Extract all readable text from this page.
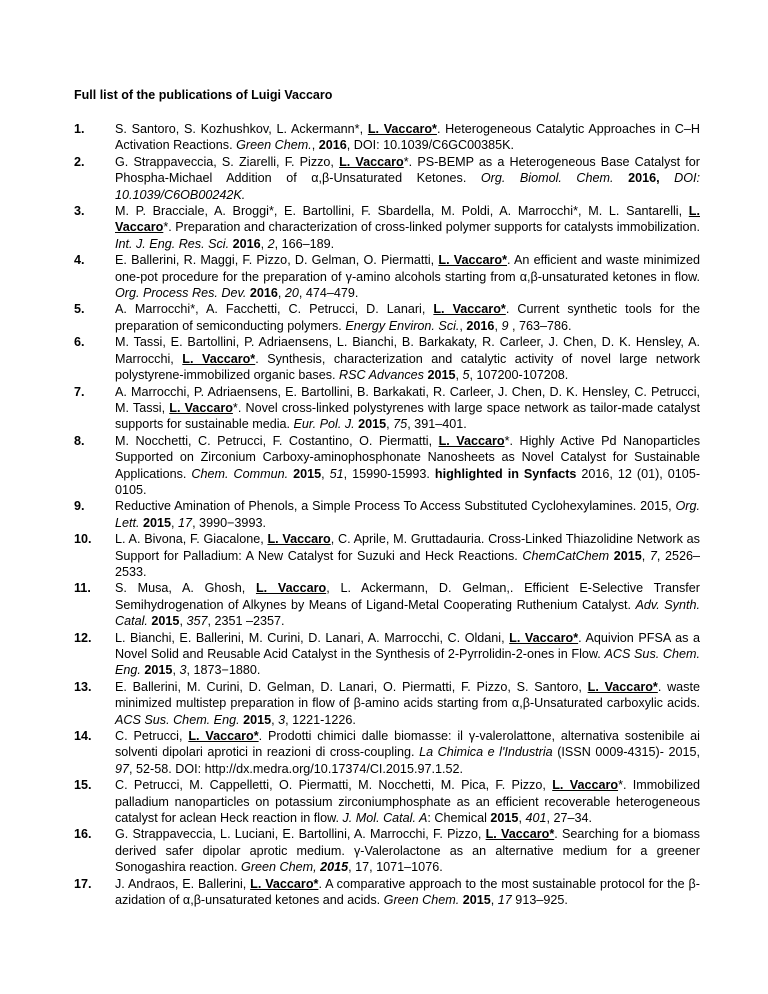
Full list of the publications of Luigi Vaccaro
1. S. Santoro, S. Kozhushkov, L. Ackermann*, L. Vaccaro*. Heterogeneous Catalytic Approaches in C–H Activation Reactions. Green Chem., 2016, DOI: 10.1039/C6GC00385K.
2. G. Strappaveccia, S. Ziarelli, F. Pizzo, L. Vaccaro*. PS-BEMP as a Heterogeneous Base Catalyst for Phospha-Michael Addition of α,β-Unsaturated Ketones. Org. Biomol. Chem. 2016, DOI: 10.1039/C6OB00242K.
3. M. P. Bracciale, A. Broggi*, E. Bartollini, F. Sbardella, M. Poldi, A. Marrocchi*, M. L. Santarelli, L. Vaccaro*. Preparation and characterization of cross-linked polymer supports for catalysts immobilization. Int. J. Eng. Res. Sci. 2016, 2, 166–189.
4. E. Ballerini, R. Maggi, F. Pizzo, D. Gelman, O. Piermatti, L. Vaccaro*. An efficient and waste minimized one-pot procedure for the preparation of γ-amino alcohols starting from α,β-unsaturated ketones in flow. Org. Process Res. Dev. 2016, 20, 474–479.
5. A. Marrocchi*, A. Facchetti, C. Petrucci, D. Lanari, L. Vaccaro*. Current synthetic tools for the preparation of semiconducting polymers. Energy Environ. Sci., 2016, 9 , 763–786.
6. M. Tassi, E. Bartollini, P. Adriaensens, L. Bianchi, B. Barkakaty, R. Carleer, J. Chen, D. K. Hensley, A. Marrocchi, L. Vaccaro*. Synthesis, characterization and catalytic activity of novel large network polystyrene-immobilized organic bases. RSC Advances 2015, 5, 107200-107208.
7. A. Marrocchi, P. Adriaensens, E. Bartollini, B. Barkakati, R. Carleer, J. Chen, D. K. Hensley, C. Petrucci, M. Tassi, L. Vaccaro*. Novel cross-linked polystyrenes with large space network as tailor-made catalyst supports for sustainable media. Eur. Pol. J. 2015, 75, 391–401.
8. M. Nocchetti, C. Petrucci, F. Costantino, O. Piermatti, L. Vaccaro*. Highly Active Pd Nanoparticles Supported on Zirconium Carboxy-aminophosphonate Nanosheets as Novel Catalyst for Sustainable Applications. Chem. Commun. 2015, 51, 15990-15993. highlighted in Synfacts 2016, 12 (01), 0105-0105.
9. Reductive Amination of Phenols, a Simple Process To Access Substituted Cyclohexylamines. 2015, Org. Lett. 2015, 17, 3990−3993.
10. L. A. Bivona, F. Giacalone, L. Vaccaro, C. Aprile, M. Gruttadauria. Cross-Linked Thiazolidine Network as Support for Palladium: A New Catalyst for Suzuki and Heck Reactions. ChemCatChem 2015, 7, 2526–2533.
11. S. Musa, A. Ghosh, L. Vaccaro, L. Ackermann, D. Gelman,. Efficient E-Selective Transfer Semihydrogenation of Alkynes by Means of Ligand-Metal Cooperating Ruthenium Catalyst. Adv. Synth. Catal. 2015, 357, 2351 –2357.
12. L. Bianchi, E. Ballerini, M. Curini, D. Lanari, A. Marrocchi, C. Oldani, L. Vaccaro*. Aquivion PFSA as a Novel Solid and Reusable Acid Catalyst in the Synthesis of 2-Pyrrolidin-2-ones in Flow. ACS Sus. Chem. Eng. 2015, 3, 1873−1880.
13. E. Ballerini, M. Curini, D. Gelman, D. Lanari, O. Piermatti, F. Pizzo, S. Santoro, L. Vaccaro*. waste minimized multistep preparation in flow of β-amino acids starting from α,β-Unsaturated carboxylic acids. ACS Sus. Chem. Eng. 2015, 3, 1221-1226.
14. C. Petrucci, L. Vaccaro*. Prodotti chimici dalle biomasse: il γ-valerolattone, alternativa sostenibile ai solventi dipolari aprotici in reazioni di cross-coupling. La Chimica e l'Industria (ISSN 0009-4315)- 2015, 97, 52-58. DOI: http://dx.medra.org/10.17374/CI.2015.97.1.52.
15. C. Petrucci, M. Cappelletti, O. Piermatti, M. Nocchetti, M. Pica, F. Pizzo, L. Vaccaro*. Immobilized palladium nanoparticles on potassium zirconiumphosphate as an efficient recoverable heterogeneous catalyst for aclean Heck reaction in flow. J. Mol. Catal. A: Chemical 2015, 401, 27–34.
16. G. Strappaveccia, L. Luciani, E. Bartollini, A. Marrocchi, F. Pizzo, L. Vaccaro*. Searching for a biomass derived safer dipolar aprotic medium. γ-Valerolactone as an alternative medium for a greener Sonogashira reaction. Green Chem, 2015, 17, 1071–1076.
17. J. Andraos, E. Ballerini, L. Vaccaro*. A comparative approach to the most sustainable protocol for the β-azidation of α,β-unsaturated ketones and acids. Green Chem. 2015, 17 913–925.
